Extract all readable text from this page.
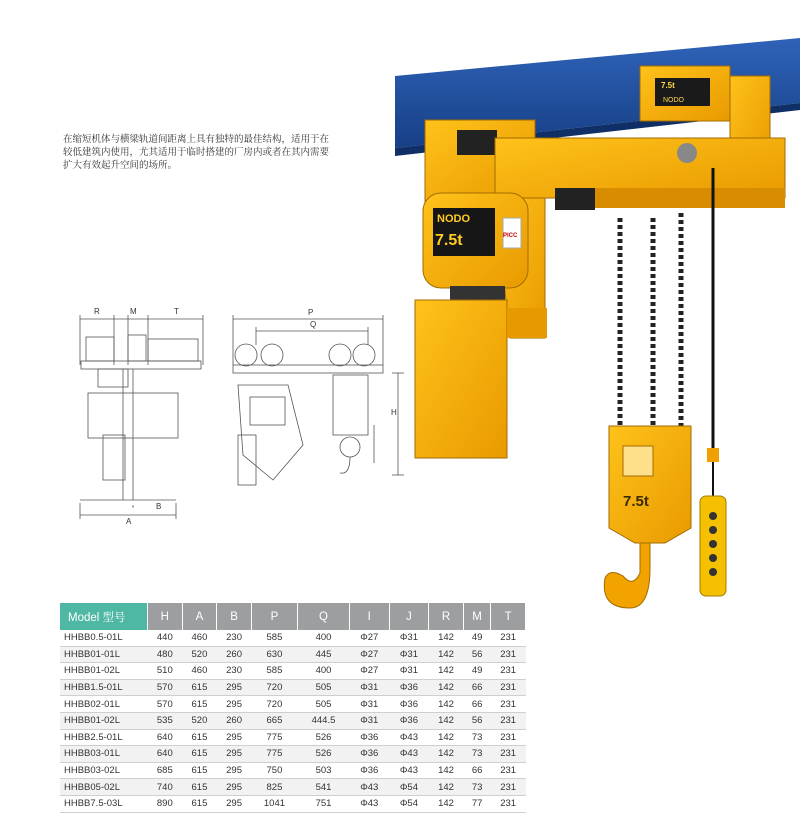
在缩短机体与横梁轨道间距离上具有独特的最佳结构，适用于在
较低建筑内使用，尤其适用于临时搭建的厂房内或者在其内需要
扩大有效起升空间的场所。
R	M	T
A
B
P
Q
H
NODO
7.5t
NODO
7.5t	PICC
7.5t
Model 型号	H	A	B	P	Q	I	J	R	M	T
HHBB0.5-01L	440	460	230	585	400	Φ27	Φ31	142	49	231
HHBB01-01L	480	520	260	630	445	Φ27	Φ31	142	56	231
HHBB01-02L	510	460	230	585	400	Φ27	Φ31	142	49	231
HHBB1.5-01L	570	615	295	720	505	Φ31	Φ36	142	66	231
HHBB02-01L	570	615	295	720	505	Φ31	Φ36	142	66	231
HHBB01-02L	535	520	260	665	444.5	Φ31	Φ36	142	56	231
HHBB2.5-01L	640	615	295	775	526	Φ36	Φ43	142	73	231
HHBB03-01L	640	615	295	775	526	Φ36	Φ43	142	73	231
HHBB03-02L	685	615	295	750	503	Φ36	Φ43	142	66	231
HHBB05-02L	740	615	295	825	541	Φ43	Φ54	142	73	231
HHBB7.5-03L	890	615	295	1041	751	Φ43	Φ54	142	77	231
